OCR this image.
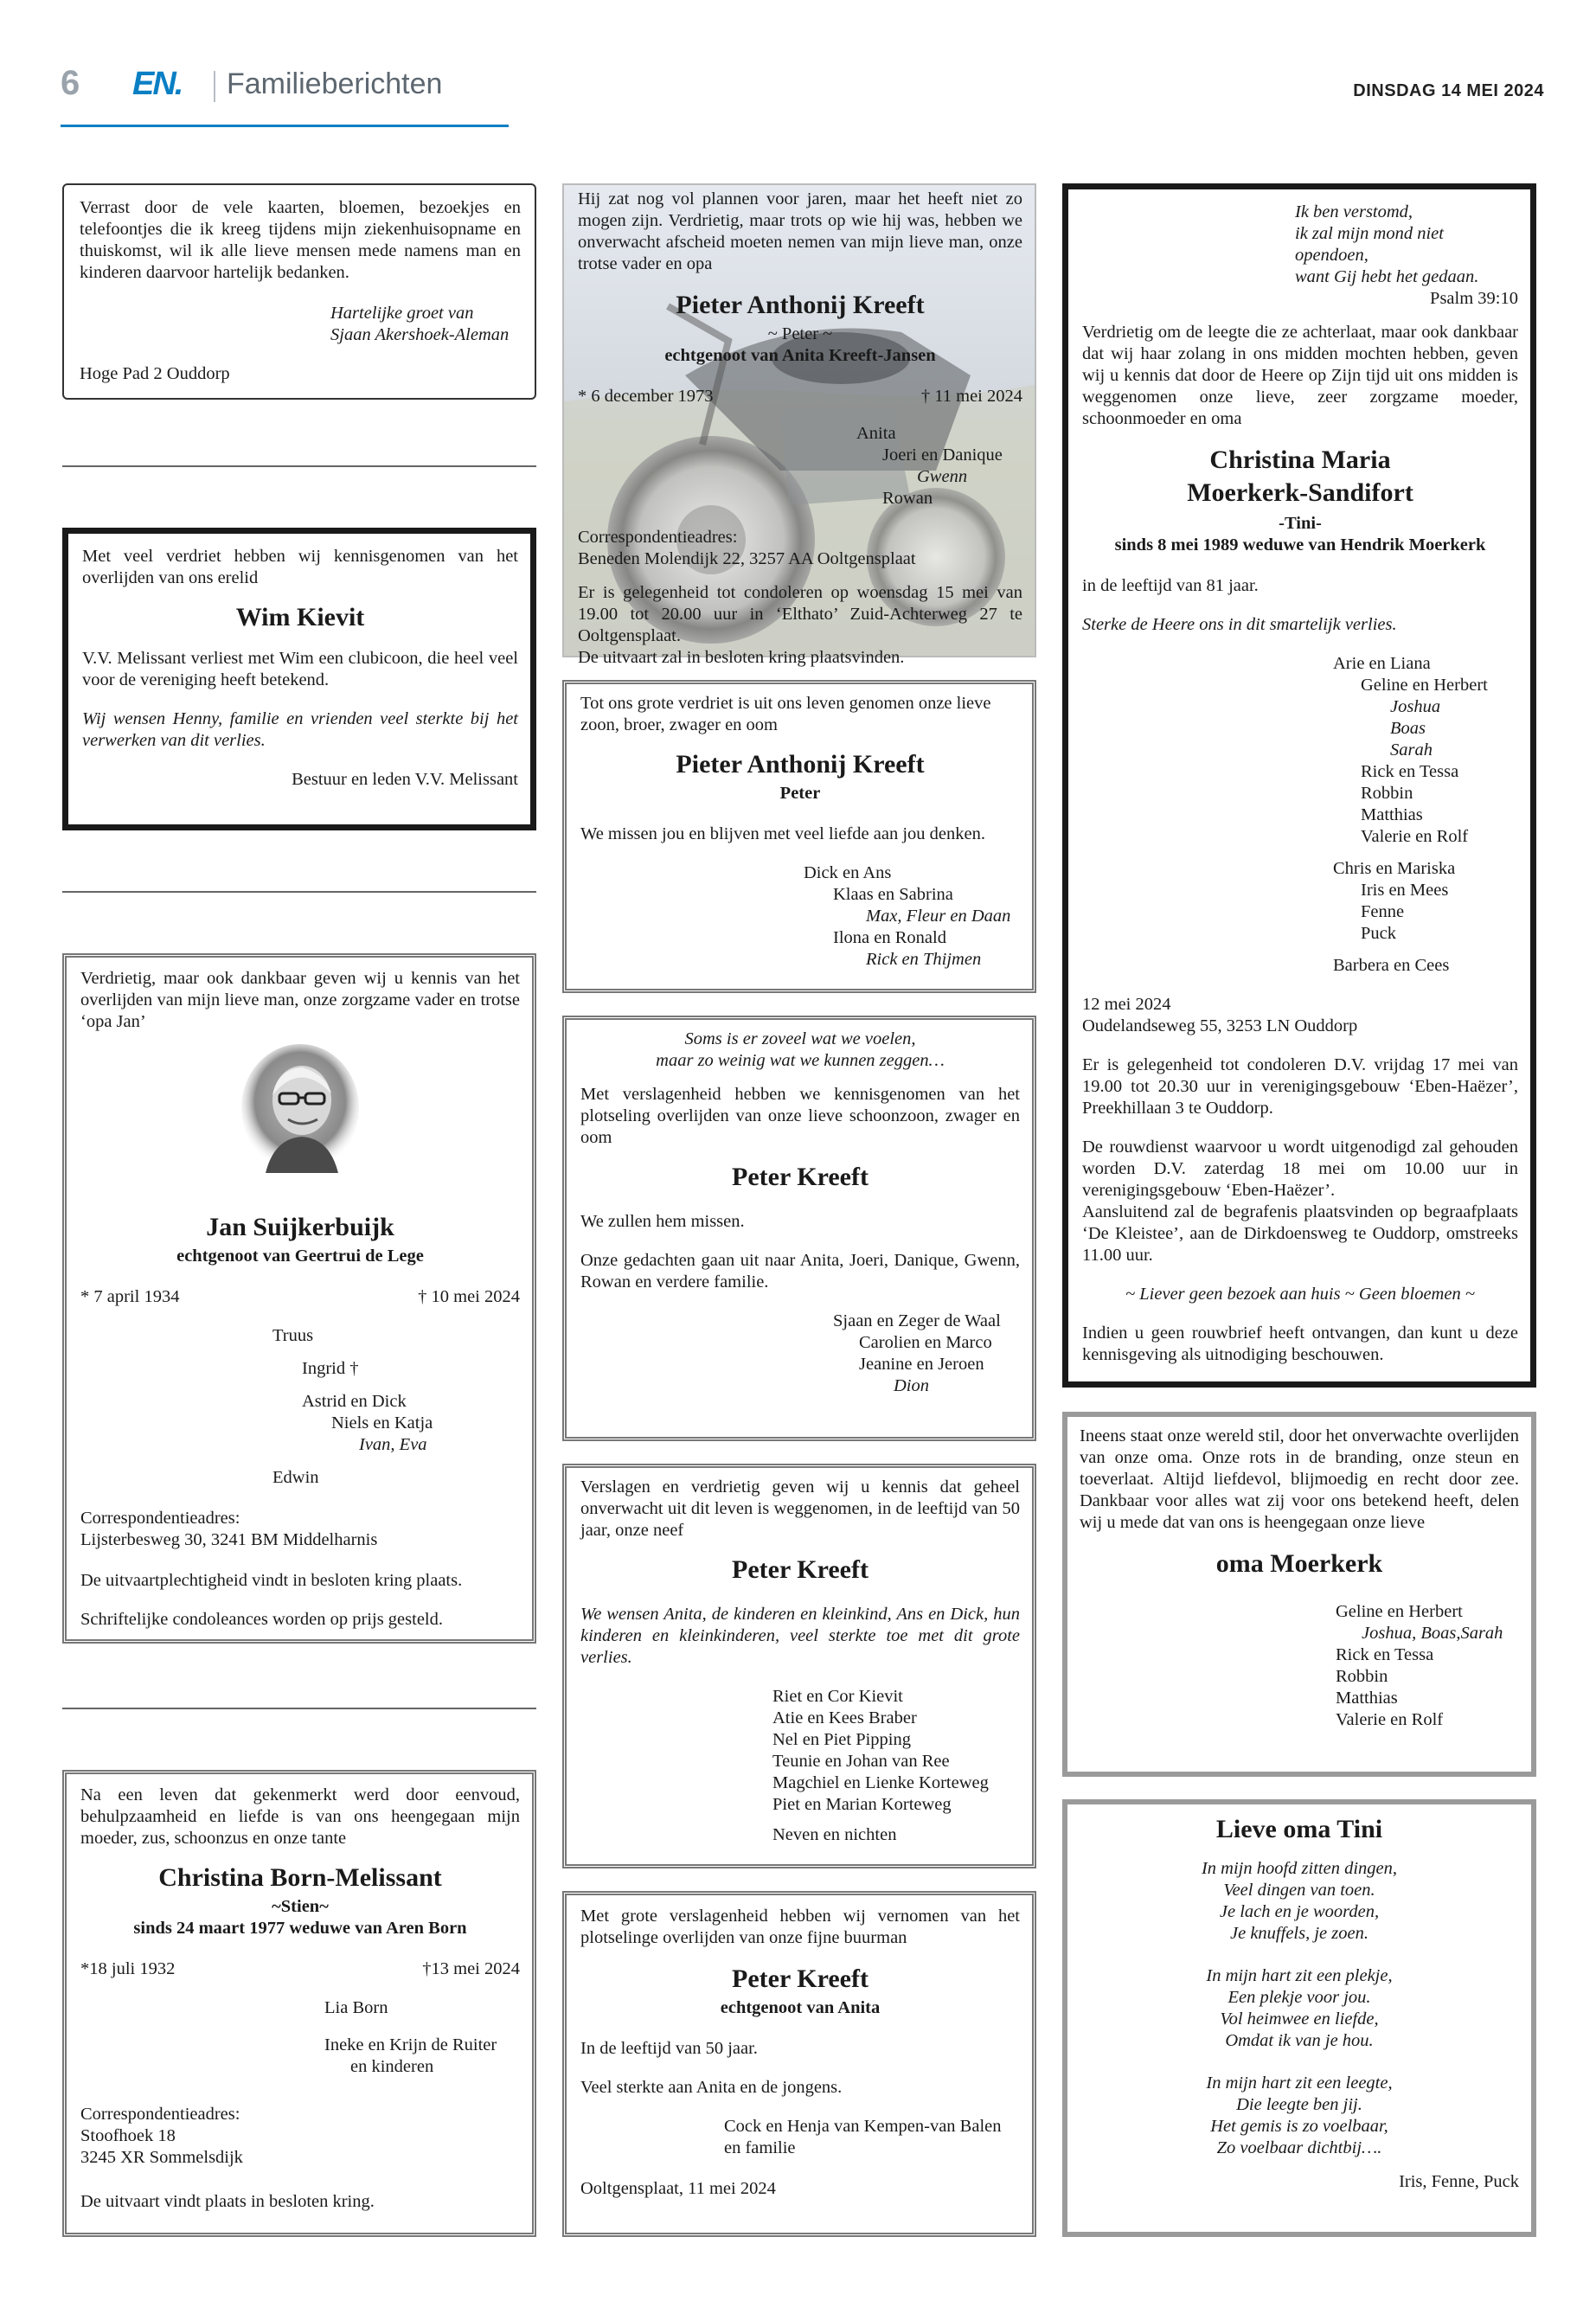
6 EN. Familieberichten	DINSDAG 14 MEI 2024

Verrast door de vele kaarten, bloemen, bezoekjes en telefoontjes die ik kreeg tijdens mijn ziekenhuisopname en thuiskomst, wil ik alle lieve mensen mede namens man en kinderen daarvoor hartelijk bedanken.

Hartelijke groet van
Sjaan Akershoek-Aleman
Hoge Pad 2 Ouddorp

Met veel verdriet hebben wij kennisgenomen van het overlijden van ons erelid

Wim Kievit

V.V. Melissant verliest met Wim een clubicoon, die heel veel voor de vereniging heeft betekend.

Wij wensen Henny, familie en vrienden veel sterkte bij het verwerken van dit verlies.

Bestuur en leden V.V. Melissant

Verdrietig, maar ook dankbaar geven wij u kennis van het overlijden van mijn lieve man, onze zorgzame vader en trotse ‘opa Jan’

Jan Suijkerbuijk
echtgenoot van Geertrui de Lege
* 7 april 1934	† 10 mei 2024
Truus
Ingrid †
Astrid en Dick
Niels en Katja
Ivan, Eva
Edwin
Correspondentieadres:
Lijsterbesweg 30, 3241 BM Middelharnis

De uitvaartplechtigheid vindt in besloten kring plaats.

Schriftelijke condoleances worden op prijs gesteld.

Na een leven dat gekenmerkt werd door eenvoud, behulpzaamheid en liefde is van ons heengegaan mijn moeder, zus, schoonzus en onze tante

Christina Born-Melissant
~Stien~
sinds 24 maart 1977 weduwe van Aren Born
*18 juli 1932	†13 mei 2024
Lia Born
Ineke en Krijn de Ruiter
en kinderen
Correspondentieadres:
Stoofhoek 18
3245 XR Sommelsdijk

De uitvaart vindt plaats in besloten kring.

Hij zat nog vol plannen voor jaren, maar het heeft niet zo mogen zijn. Verdrietig, maar trots op wie hij was, hebben we onverwacht afscheid moeten nemen van mijn lieve man, onze trotse vader en opa

Pieter Anthonij Kreeft
~ Peter ~
echtgenoot van Anita Kreeft-Jansen
* 6 december 1973	† 11 mei 2024
Anita
Joeri en Danique
Gwenn
Rowan
Correspondentieadres:
Beneden Molendijk 22, 3257 AA Ooltgensplaat
Er is gelegenheid tot condoleren op woensdag 15 mei van 19.00 tot 20.00 uur in ‘Elthato’ Zuid-Achterweg 27 te Ooltgensplaat.
De uitvaart zal in besloten kring plaatsvinden.

Tot ons grote verdriet is uit ons leven genomen onze lieve zoon, broer, zwager en oom

Pieter Anthonij Kreeft
Peter

We missen jou en blijven met veel liefde aan jou denken.

Dick en Ans
Klaas en Sabrina
Max, Fleur en Daan
Ilona en Ronald
Rick en Thijmen
Soms is er zoveel wat we voelen,
maar zo weinig wat we kunnen zeggen…

Met verslagenheid hebben we kennisgenomen van het plotseling overlijden van onze lieve schoonzoon, zwager en oom

Peter Kreeft

We zullen hem missen.

Onze gedachten gaan uit naar Anita, Joeri, Danique, Gwenn, Rowan en verdere familie.

Sjaan en Zeger de Waal
Carolien en Marco
Jeanine en Jeroen
Dion

Verslagen en verdrietig geven wij u kennis dat geheel onverwacht uit dit leven is weggenomen, in de leeftijd van 50 jaar, onze neef

Peter Kreeft

We wensen Anita, de kinderen en kleinkind, Ans en Dick, hun kinderen en kleinkinderen, veel sterkte toe met dit grote verlies.

Riet en Cor Kievit
Atie en Kees Braber
Nel en Piet Pipping
Teunie en Johan van Ree
Magchiel en Lienke Korteweg
Piet en Marian Korteweg
Neven en nichten

Met grote verslagenheid hebben wij vernomen van het plotselinge overlijden van onze fijne buurman

Peter Kreeft
echtgenoot van Anita

In de leeftijd van 50 jaar.

Veel sterkte aan Anita en de jongens.

Cock en Henja van Kempen-van Balen
en familie
Ooltgensplaat, 11 mei 2024
Ik ben verstomd,
ik zal mijn mond niet opendoen,
want Gij hebt het gedaan.
Psalm 39:10

Verdrietig om de leegte die ze achterlaat, maar ook dankbaar dat wij haar zolang in ons midden mochten hebben, geven wij u kennis dat door de Heere op Zijn tijd uit ons midden is weggenomen onze lieve, zeer zorgzame moeder, schoonmoeder en oma

Christina Maria
Moerkerk-Sandifort
-Tini-
sinds 8 mei 1989 weduwe van Hendrik Moerkerk

in de leeftijd van 81 jaar.

Sterke de Heere ons in dit smartelijk verlies.

Arie en Liana
Geline en Herbert
Joshua
Boas
Sarah
Rick en Tessa
Robbin
Matthias
Valerie en Rolf
Chris en Mariska
Iris en Mees
Fenne
Puck
Barbera en Cees
12 mei 2024
Oudelandseweg 55, 3253 LN Ouddorp

Er is gelegenheid tot condoleren D.V. vrijdag 17 mei van 19.00 tot 20.30 uur in verenigingsgebouw ‘Eben-Haëzer’, Preekhillaan 3 te Ouddorp.

De rouwdienst waarvoor u wordt uitgenodigd zal gehouden worden D.V. zaterdag 18 mei om 10.00 uur in verenigingsgebouw ‘Eben-Haëzer’.

Aansluitend zal de begrafenis plaatsvinden op begraafplaats ‘De Kleistee’, aan de Dirkdoensweg te Ouddorp, omstreeks 11.00 uur.

~ Liever geen bezoek aan huis ~ Geen bloemen ~

Indien u geen rouwbrief heeft ontvangen, dan kunt u deze kennisgeving als uitnodiging beschouwen.

Ineens staat onze wereld stil, door het onverwachte overlijden van onze oma. Onze rots in de branding, onze steun en toeverlaat. Altijd liefdevol, blijmoedig en recht door zee. Dankbaar voor alles wat zij voor ons betekend heeft, delen wij u mede dat van ons is heengegaan onze lieve

oma Moerkerk
Geline en Herbert
Joshua, Boas,Sarah
Rick en Tessa
Robbin
Matthias
Valerie en Rolf
Lieve oma Tini
In mijn hoofd zitten dingen,
Veel dingen van toen.
Je lach en je woorden,
Je knuffels, je zoen.
In mijn hart zit een plekje,
Een plekje voor jou.
Vol heimwee en liefde,
Omdat ik van je hou.
In mijn hart zit een leegte,
Die leegte ben jij.
Het gemis is zo voelbaar,
Zo voelbaar dichtbij….
Iris, Fenne, Puck
